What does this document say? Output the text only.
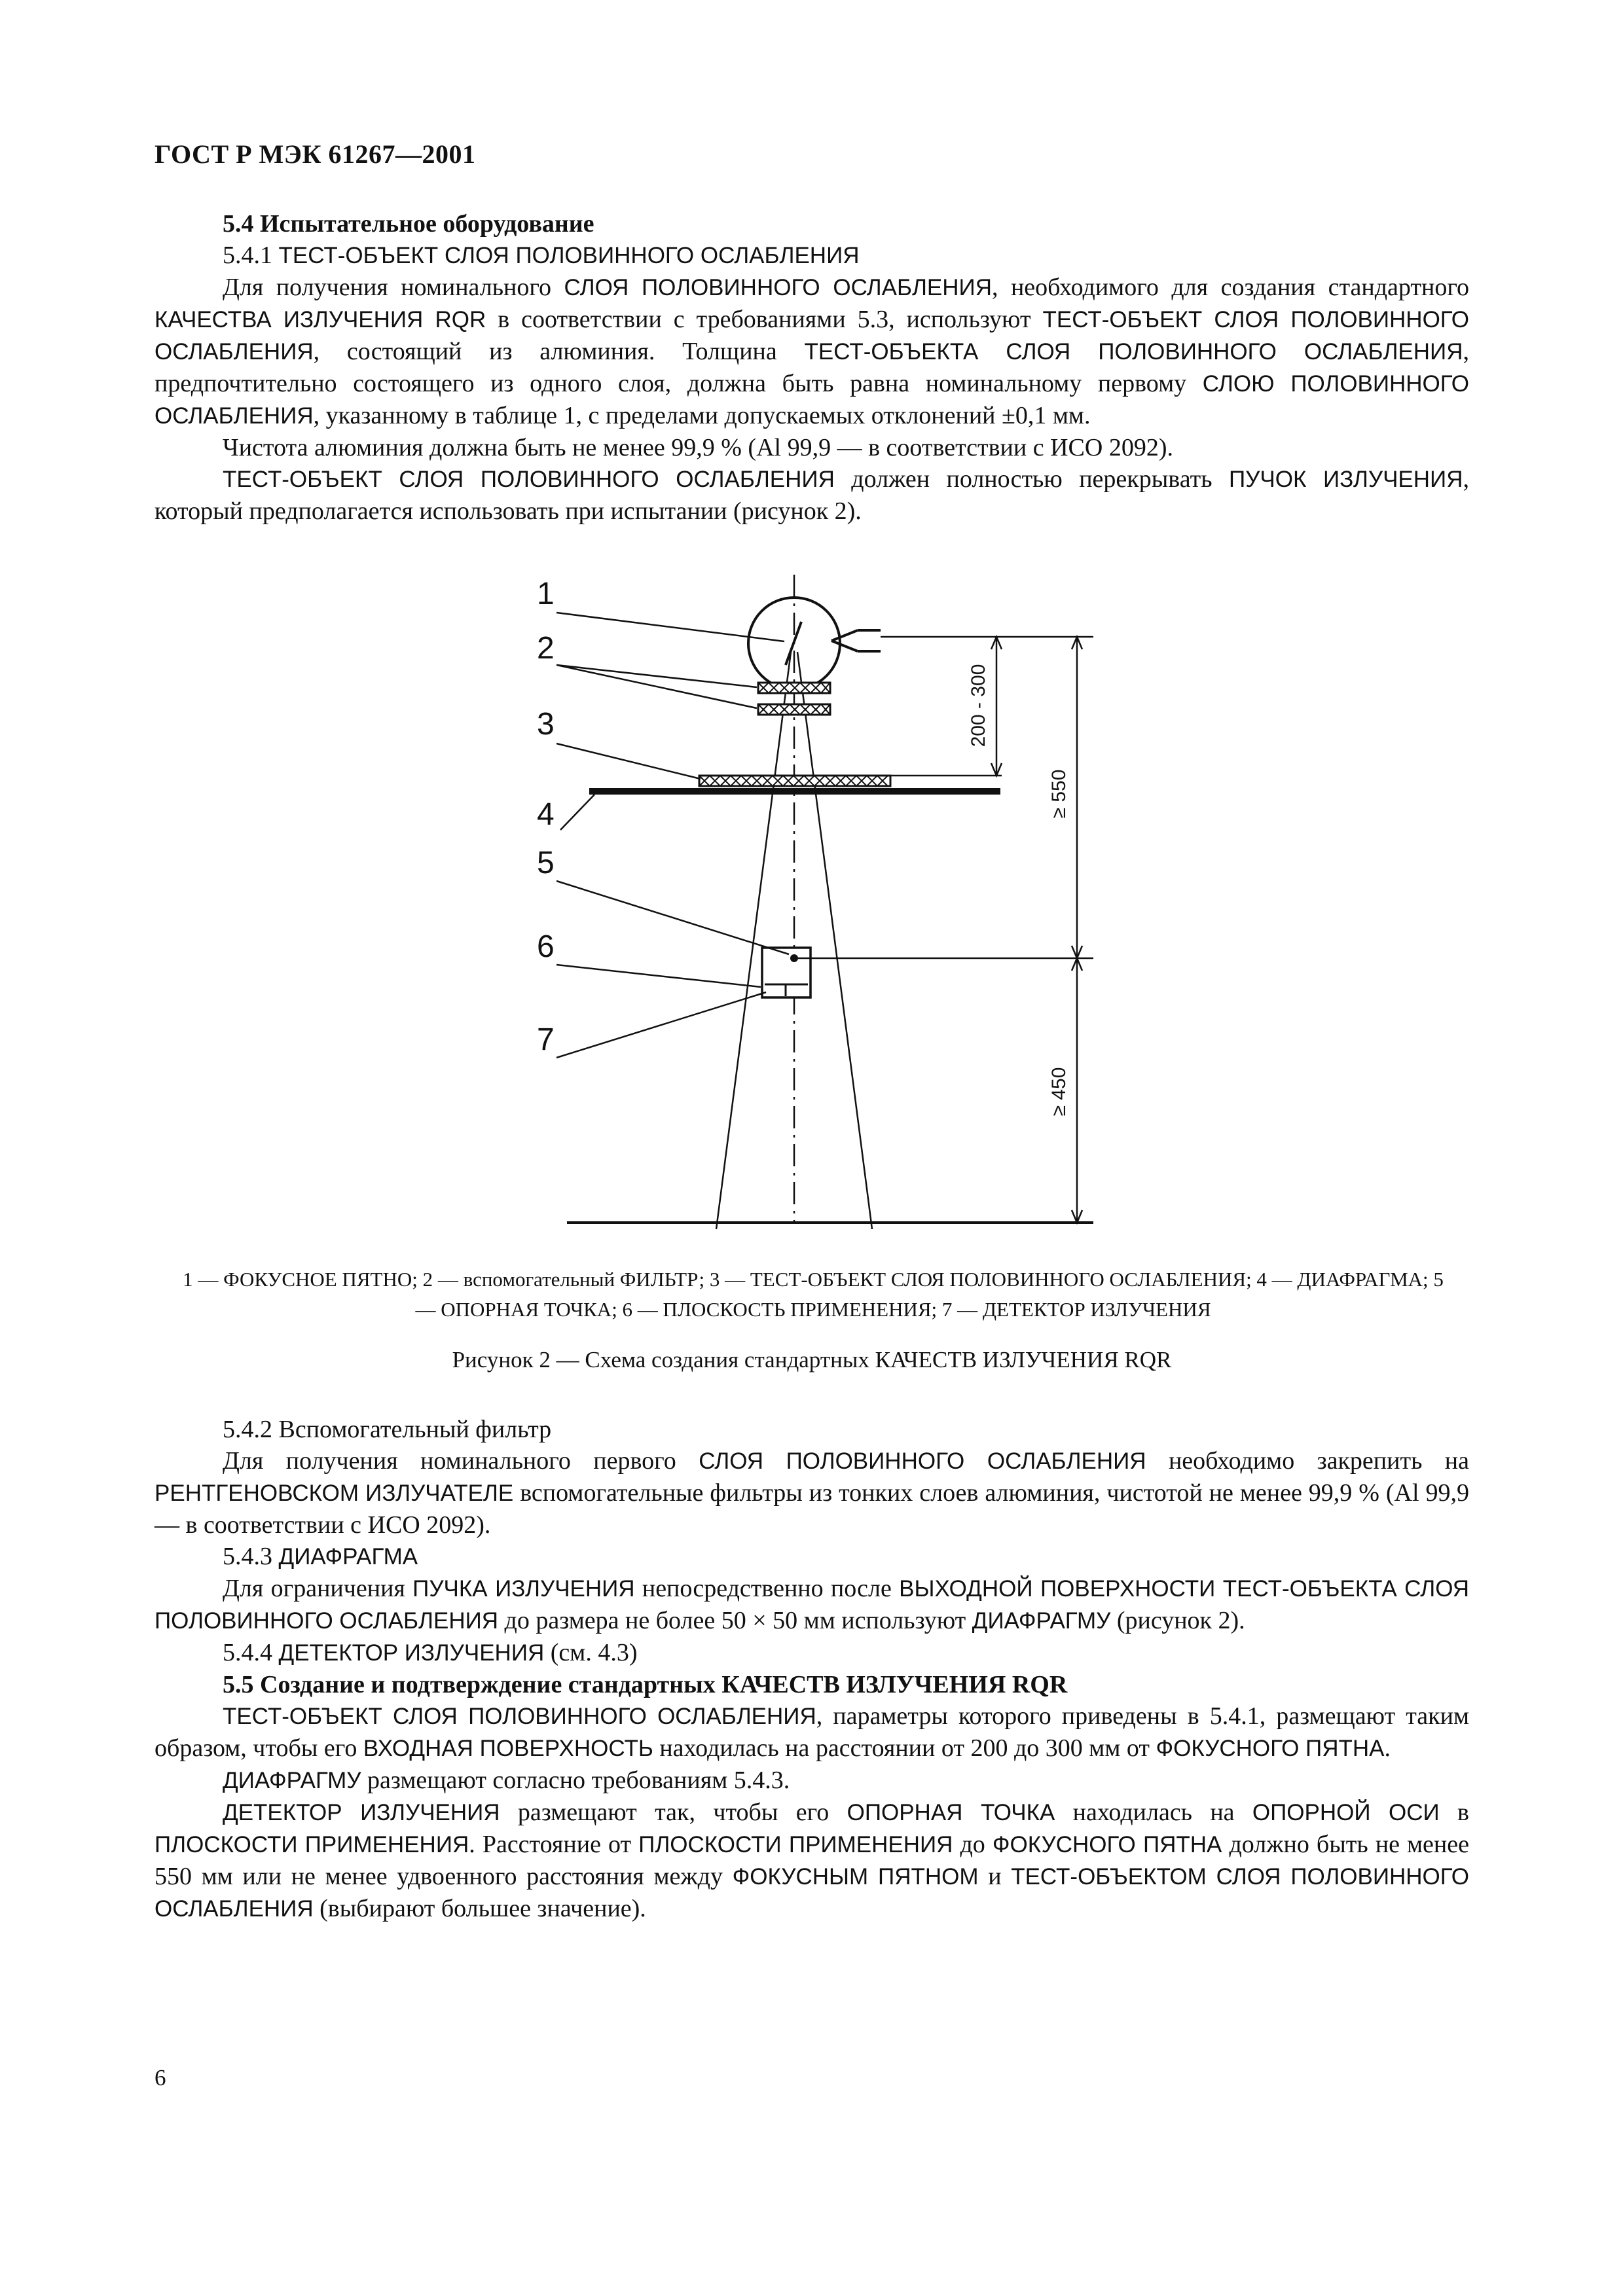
ГОСТ Р МЭК 61267—2001

5.4 Испытательное оборудование

5.4.1 ТЕСТ-ОБЪЕКТ СЛОЯ ПОЛОВИННОГО ОСЛАБЛЕНИЯ

Для получения номинального СЛОЯ ПОЛОВИННОГО ОСЛАБЛЕНИЯ, необходимого для создания стандартного КАЧЕСТВА ИЗЛУЧЕНИЯ RQR в соответствии с требованиями 5.3, используют ТЕСТ-ОБЪЕКТ СЛОЯ ПОЛОВИННОГО ОСЛАБЛЕНИЯ, состоящий из алюминия. Толщина ТЕСТ-ОБЪЕКТА СЛОЯ ПОЛОВИННОГО ОСЛАБЛЕНИЯ, предпочтительно состоящего из одного слоя, должна быть равна номинальному первому СЛОЮ ПОЛОВИННОГО ОСЛАБЛЕНИЯ, указанному в таблице 1, с пределами допускаемых отклонений ±0,1 мм.

Чистота алюминия должна быть не менее 99,9 % (Al 99,9 — в соответствии с ИСО 2092).

ТЕСТ-ОБЪЕКТ СЛОЯ ПОЛОВИННОГО ОСЛАБЛЕНИЯ должен полностью перекрывать ПУЧОК ИЗЛУЧЕНИЯ, который предполагается использовать при испытании (рисунок 2).

200 - 300
≥ 550
≥ 450
1
2
3
4
5
6
7
1 — ФОКУСНОЕ ПЯТНО; 2 — вспомогательный ФИЛЬТР; 3 — ТЕСТ-ОБЪЕКТ СЛОЯ ПОЛОВИННОГО ОСЛАБЛЕНИЯ; 4 — ДИАФРАГМА; 5 — ОПОРНАЯ ТОЧКА; 6 — ПЛОСКОСТЬ ПРИМЕНЕНИЯ; 7 — ДЕТЕКТОР ИЗЛУЧЕНИЯ
Рисунок 2 — Схема создания стандартных КАЧЕСТВ ИЗЛУЧЕНИЯ RQR

5.4.2 Вспомогательный фильтр

Для получения номинального первого СЛОЯ ПОЛОВИННОГО ОСЛАБЛЕНИЯ необходимо закрепить на РЕНТГЕНОВСКОМ ИЗЛУЧАТЕЛЕ вспомогательные фильтры из тонких слоев алюминия, чистотой не менее 99,9 % (Al 99,9 — в соответствии с ИСО 2092).

5.4.3 ДИАФРАГМА

Для ограничения ПУЧКА ИЗЛУЧЕНИЯ непосредственно после ВЫХОДНОЙ ПОВЕРХНОСТИ ТЕСТ-ОБЪЕКТА СЛОЯ ПОЛОВИННОГО ОСЛАБЛЕНИЯ до размера не более 50 × 50 мм используют ДИАФРАГМУ (рисунок 2).

5.4.4 ДЕТЕКТОР ИЗЛУЧЕНИЯ (см. 4.3)

5.5 Создание и подтверждение стандартных КАЧЕСТВ ИЗЛУЧЕНИЯ RQR

ТЕСТ-ОБЪЕКТ СЛОЯ ПОЛОВИННОГО ОСЛАБЛЕНИЯ, параметры которого приведены в 5.4.1, размещают таким образом, чтобы его ВХОДНАЯ ПОВЕРХНОСТЬ находилась на расстоянии от 200 до 300 мм от ФОКУСНОГО ПЯТНА.

ДИАФРАГМУ размещают согласно требованиям 5.4.3.

ДЕТЕКТОР ИЗЛУЧЕНИЯ размещают так, чтобы его ОПОРНАЯ ТОЧКА находилась на ОПОРНОЙ ОСИ в ПЛОСКОСТИ ПРИМЕНЕНИЯ. Расстояние от ПЛОСКОСТИ ПРИМЕНЕНИЯ до ФОКУСНОГО ПЯТНА должно быть не менее 550 мм или не менее удвоенного расстояния между ФОКУСНЫМ ПЯТНОМ и ТЕСТ-ОБЪЕКТОМ СЛОЯ ПОЛОВИННОГО ОСЛАБЛЕНИЯ (выбирают большее значение).

6
